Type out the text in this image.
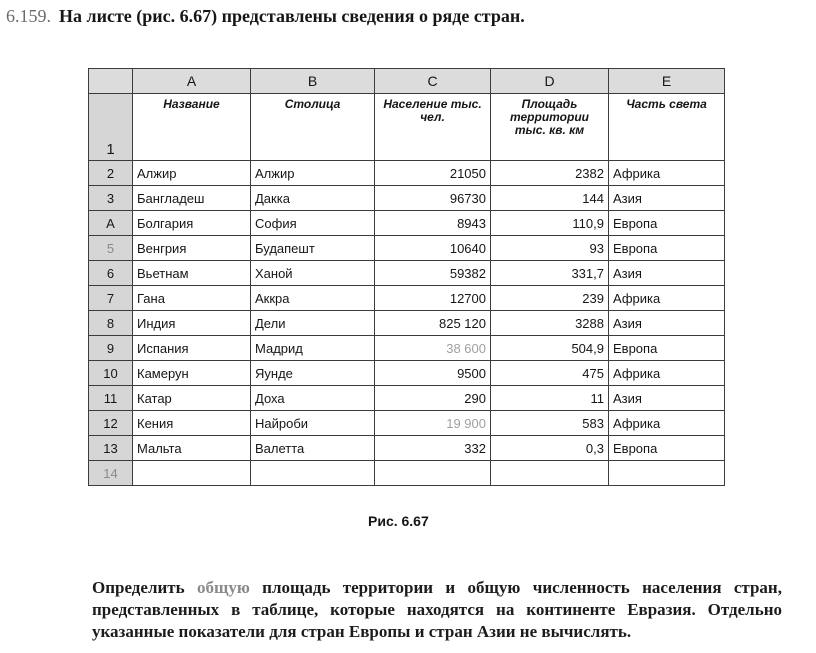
6.159. На листе (рис. 6.67) представлены сведения о ряде стран.
	A	B	C	D	E
1	Название	Столица	Население тыс. чел.	Площадь территории тыс. кв. км	Часть света
2	Алжир	Алжир	21050	2382	Африка
3	Бангладеш	Дакка	96730	144	Азия
А	Болгария	София	8943	110,9	Европа
5	Венгрия	Будапешт	10640	93	Европа
6	Вьетнам	Ханой	59382	331,7	Азия
7	Гана	Аккра	12700	239	Африка
8	Индия	Дели	825 120	3288	Азия
9	Испания	Мадрид	38 600	504,9	Европа
10	Камерун	Яунде	9500	475	Африка
11	Катар	Доха	290	11	Азия
12	Кения	Найроби	19 900	583	Африка
13	Мальта	Валетта	332	0,3	Европа
14					
Рис. 6.67

Определить общую площадь территории и общую численность населения стран, представленных в таблице, которые находятся на континенте Евразия. Отдельно указанные показатели для стран Европы и стран Азии не вычислять.
